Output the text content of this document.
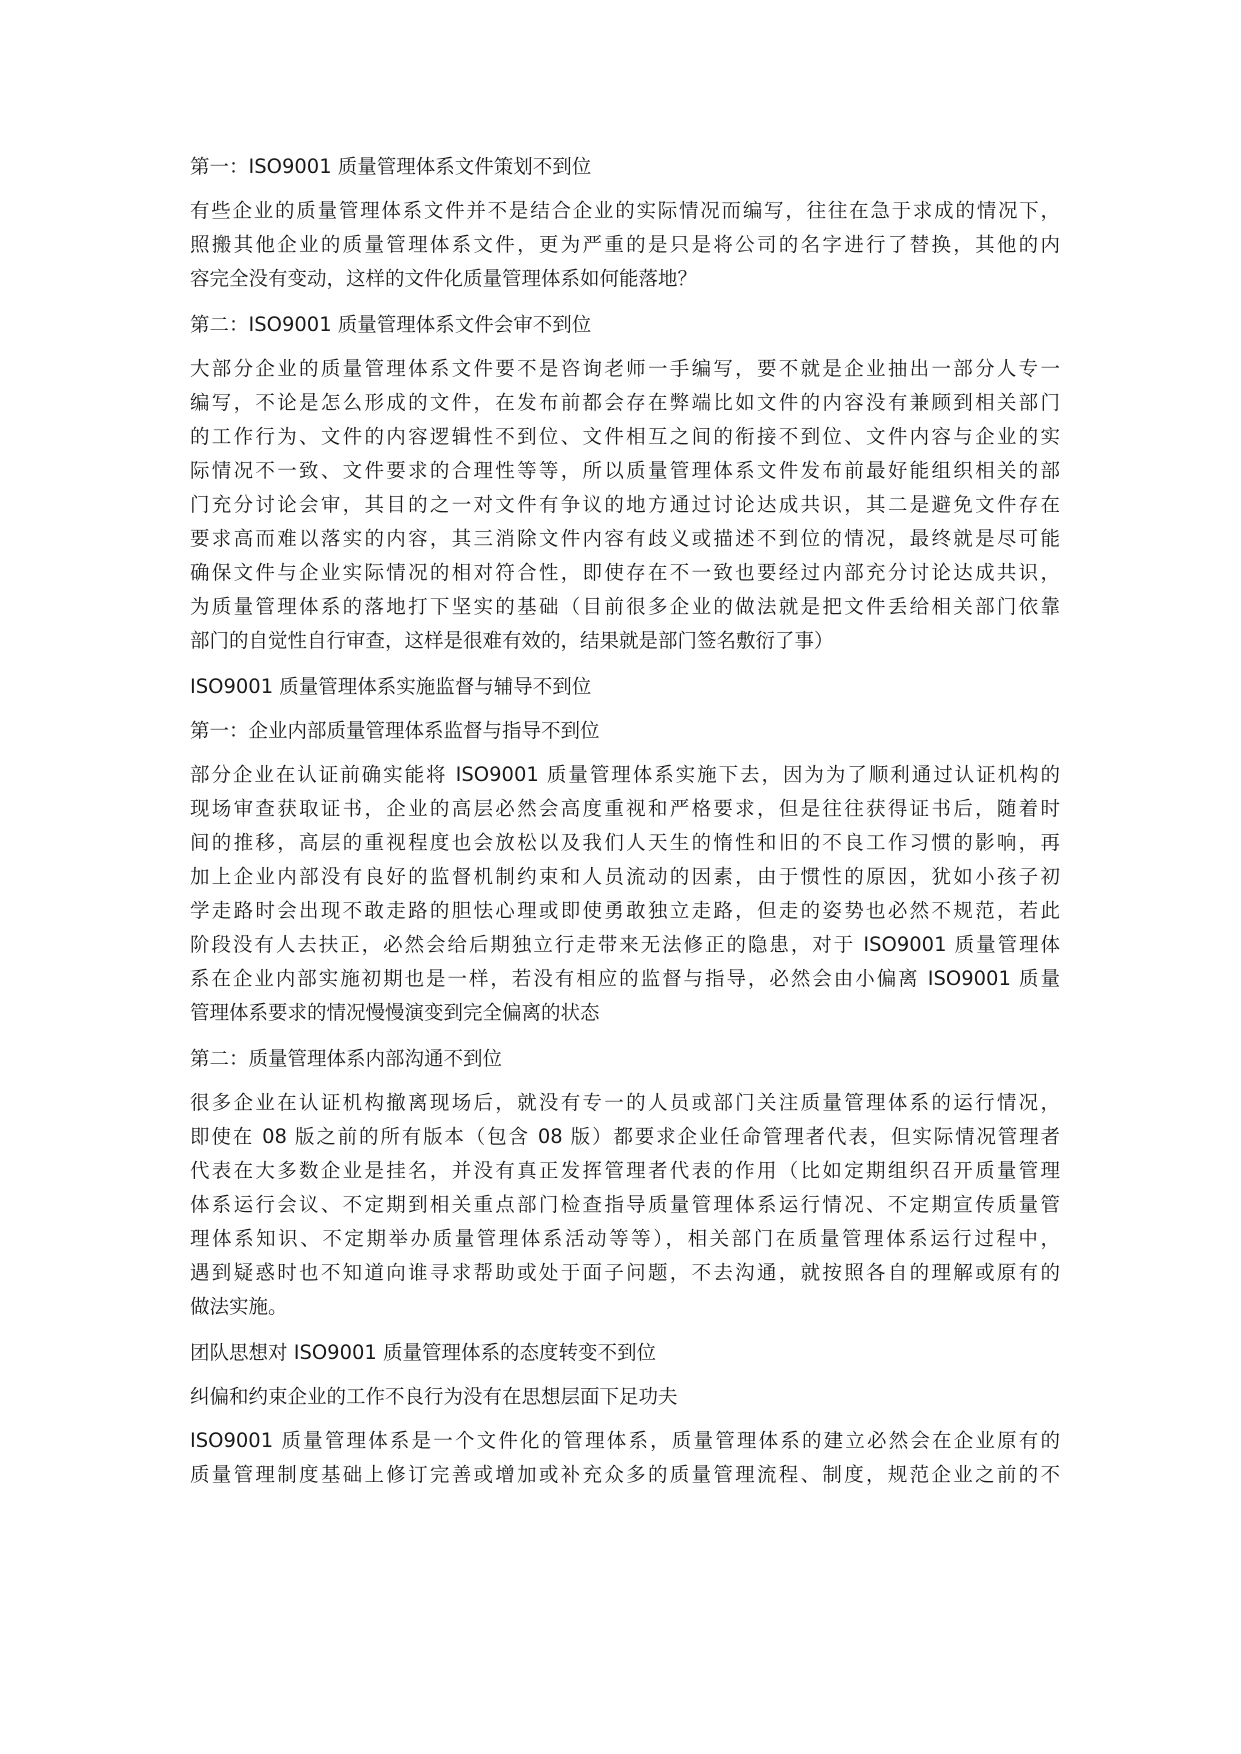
第一：ISO9001 质量管理体系文件策划不到位
有些企业的质量管理体系文件并不是结合企业的实际情况而编写，往往在急于求成的情况下，
照搬其他企业的质量管理体系文件，更为严重的是只是将公司的名字进行了替换，其他的内
容完全没有变动，这样的文件化质量管理体系如何能落地？
第二：ISO9001 质量管理体系文件会审不到位
大部分企业的质量管理体系文件要不是咨询老师一手编写，要不就是企业抽出一部分人专一
编写，不论是怎么形成的文件，在发布前都会存在弊端比如文件的内容没有兼顾到相关部门
的工作行为、文件的内容逻辑性不到位、文件相互之间的衔接不到位、文件内容与企业的实
际情况不一致、文件要求的合理性等等，所以质量管理体系文件发布前最好能组织相关的部
门充分讨论会审，其目的之一对文件有争议的地方通过讨论达成共识，其二是避免文件存在
要求高而难以落实的内容，其三消除文件内容有歧义或描述不到位的情况，最终就是尽可能
确保文件与企业实际情况的相对符合性，即使存在不一致也要经过内部充分讨论达成共识，
为质量管理体系的落地打下坚实的基础（目前很多企业的做法就是把文件丢给相关部门依靠
部门的自觉性自行审查，这样是很难有效的，结果就是部门签名敷衍了事）
ISO9001 质量管理体系实施监督与辅导不到位
第一：企业内部质量管理体系监督与指导不到位
部分企业在认证前确实能将 ISO9001 质量管理体系实施下去，因为为了顺利通过认证机构的
现场审查获取证书，企业的高层必然会高度重视和严格要求，但是往往获得证书后，随着时
间的推移，高层的重视程度也会放松以及我们人天生的惰性和旧的不良工作习惯的影响，再
加上企业内部没有良好的监督机制约束和人员流动的因素，由于惯性的原因，犹如小孩子初
学走路时会出现不敢走路的胆怯心理或即使勇敢独立走路，但走的姿势也必然不规范，若此
阶段没有人去扶正，必然会给后期独立行走带来无法修正的隐患，对于 ISO9001 质量管理体
系在企业内部实施初期也是一样，若没有相应的监督与指导，必然会由小偏离 ISO9001 质量
管理体系要求的情况慢慢演变到完全偏离的状态
第二：质量管理体系内部沟通不到位
很多企业在认证机构撤离现场后，就没有专一的人员或部门关注质量管理体系的运行情况，
即使在 08 版之前的所有版本（包含 08 版）都要求企业任命管理者代表，但实际情况管理者
代表在大多数企业是挂名，并没有真正发挥管理者代表的作用（比如定期组织召开质量管理
体系运行会议、不定期到相关重点部门检查指导质量管理体系运行情况、不定期宣传质量管
理体系知识、不定期举办质量管理体系活动等等），相关部门在质量管理体系运行过程中，
遇到疑惑时也不知道向谁寻求帮助或处于面子问题，不去沟通，就按照各自的理解或原有的
做法实施。
团队思想对 ISO9001 质量管理体系的态度转变不到位
纠偏和约束企业的工作不良行为没有在思想层面下足功夫
ISO9001 质量管理体系是一个文件化的管理体系，质量管理体系的建立必然会在企业原有的
质量管理制度基础上修订完善或增加或补充众多的质量管理流程、制度，规范企业之前的不
